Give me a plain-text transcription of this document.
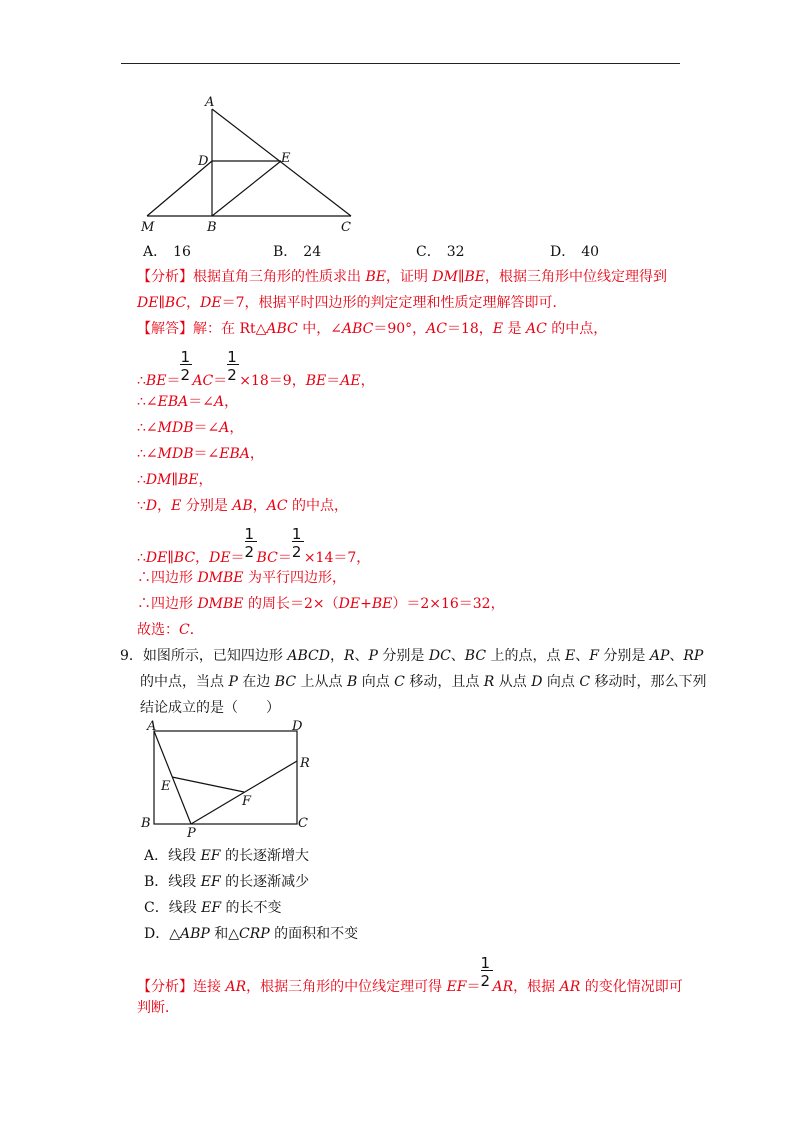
A
D	E
M	B	C
A． 16	B． 24	C． 32	D． 40
【分析】根据直角三角形的性质求出 BE，证明 DM∥BE，根据三角形中位线定理得到
DE∥BC，DE＝7，根据平时四边形的判定定理和性质定理解答即可．
【解答】解：在 Rt△ABC 中，∠ABC＝90°，AC＝18，E 是 AC 的中点，
∴BE＝ $\frac{1}{2} AC= \frac{1}{2} \times 18=9$，BE＝AE，
∴∠EBA＝∠A，
∴∠MDB＝∠A，
∴∠MDB＝∠EBA，
∴DM∥BE，
∵D，E 分别是 AB，AC 的中点，
∴DE∥BC，$DE= \frac{1}{2} BC= \frac{1}{2} \times 14=7$，
∴四边形 DMBE 为平行四边形，
∴四边形 DMBE 的周长＝2×（DE+BE）＝2×16＝32，
故选：C．
9．如图所示，已知四边形 ABCD，R、P 分别是 DC、BC 上的点，点 E、F 分别是 AP、RP
的中点，当点 P 在边 BC 上从点 B 向点 C 移动，且点 R 从点 D 向点 C 移动时，那么下列
结论成立的是（　　）
A	D
R
E
F
B
P
C
A．线段 EF 的长逐渐增大
B．线段 EF 的长逐渐减少
C．线段 EF 的长不变
D．△ABP 和△CRP 的面积和不变
【分析】连接 AR，根据三角形的中位线定理可得 $EF= \frac{1}{2}$ AR，根据 AR 的变化情况即可
判断．
